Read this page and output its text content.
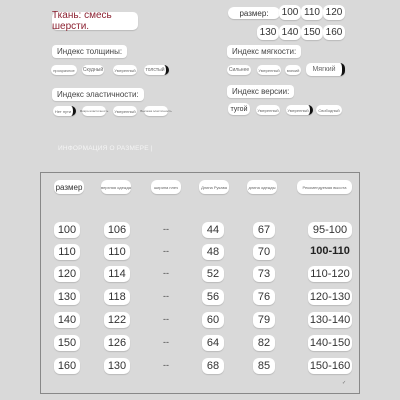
Ткань: смесь шерсти.
размер:	100 110 120
130 140 150 160
Индекс толщины:
прозрачное	Скудный	Умеренный	толстый
Индекс мягкости:
Сильнее	Умеренный	мягкий	Мягкий
Индекс эластичности:
Нет пути	Микро-эластичность	Умеренный	Высокая эластичность
Индекс версии:
тугой	Умеренный	Умеренный	Свободный
ИНФОРМАЦИЯ О РАЗМЕРЕ |
размер	верхняя одежда	ширина плеч	Длина Рукава	длина одежды	Рекомендуемая высота
100	106	--	44	67	95-100
110	110	--	48	70	100-110
120	114	--	52	73	110-120
130	118	--	56	76	120-130
140	122	--	60	79	130-140
150	126	--	64	82	140-150
160	130	--	68	85	150-160
✓
